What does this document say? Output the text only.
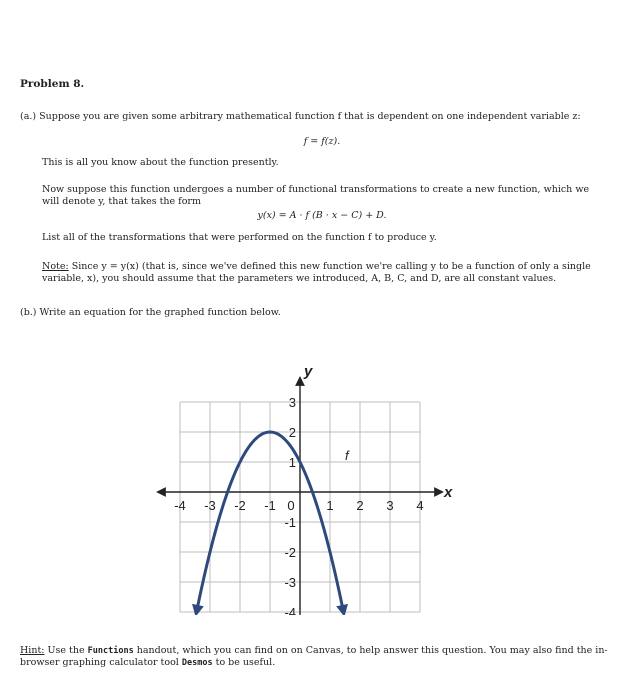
Problem 8.
(a.) Suppose you are given some arbitrary mathematical function f that is dependent on one independent variable z:
f = f(z).
This is all you know about the function presently.
Now suppose this function undergoes a number of functional transformations to create a new function, which we will denote y, that takes the form
y(x) = A · f (B · x − C) + D.
List all of the transformations that were performed on the function f to produce y.
Note: Since y = y(x) (that is, since we've defined this new function we're calling y to be a function of only a single variable, x), you should assume that the parameters we introduced, A, B, C, and D, are all constant values.
(b.) Write an equation for the graphed function below.
x
y
-4 -3 -2 -1 0 1 2 3 4
3
2
1
-1
-2
-3
-4
f
Hint: Use the Functions handout, which you can find on on Canvas, to help answer this question. You may also find the in-browser graphing calculator tool Desmos to be useful.
